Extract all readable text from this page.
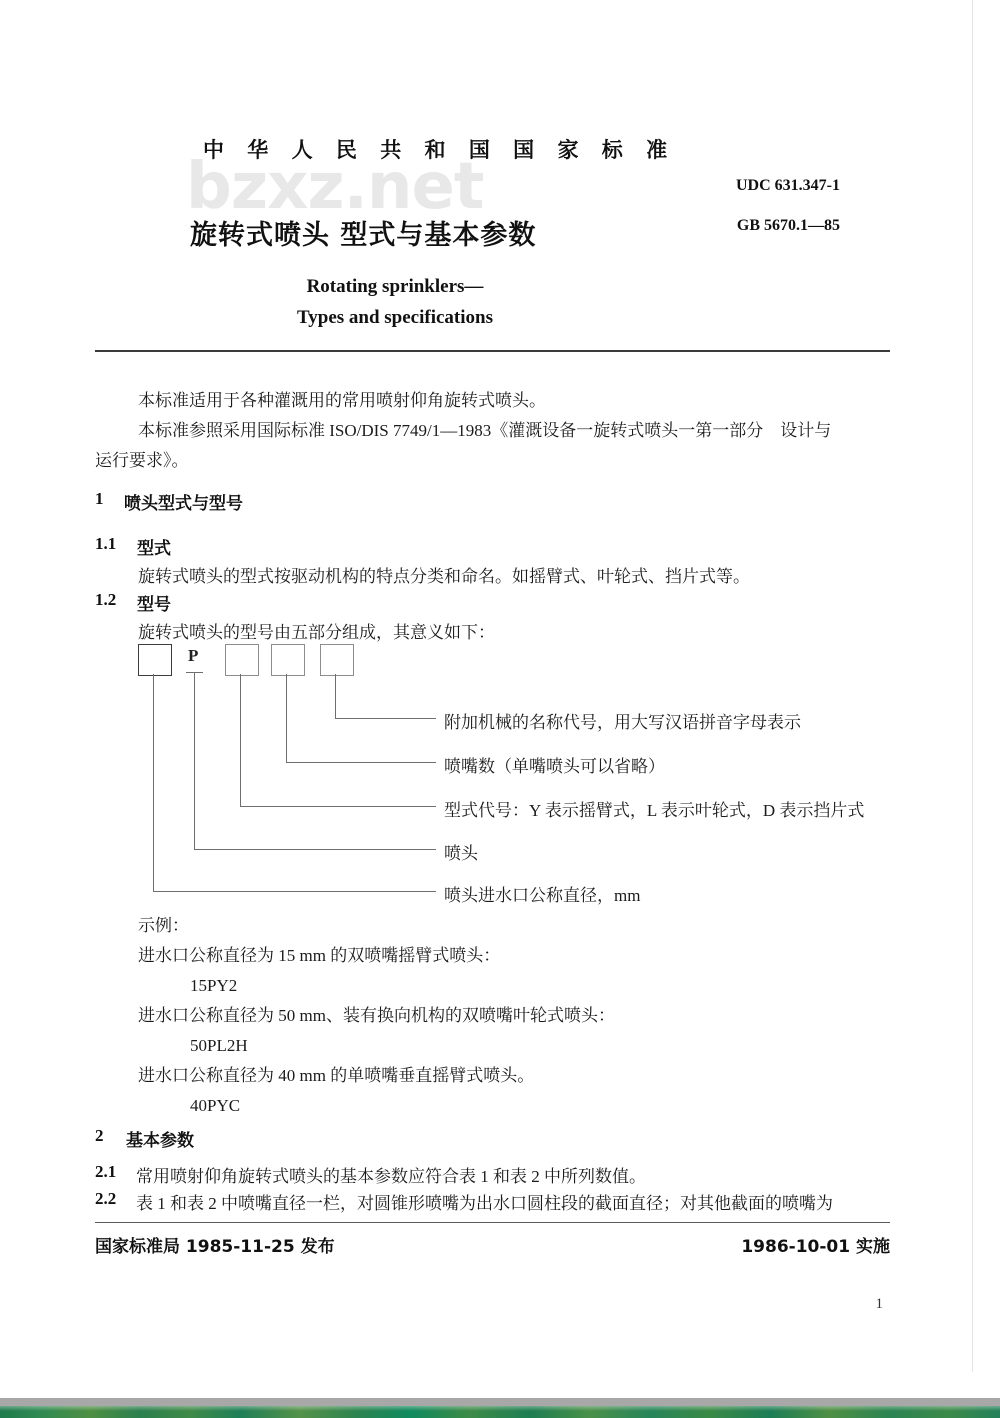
bzxz.net
中 华 人 民 共 和 国 国 家 标 准
UDC 631.347-1
GB 5670.1—85
旋转式喷头 型式与基本参数
Rotating sprinklers—
Types and specifications
本标准适用于各种灌溉用的常用喷射仰角旋转式喷头。
本标准参照采用国际标准 ISO/DIS 7749/1—1983《灌溉设备一旋转式喷头一第一部分　设计与
运行要求》。
1 喷头型式与型号
1.1 型式
旋转式喷头的型式按驱动机构的特点分类和命名。如摇臂式、叶轮式、挡片式等。
1.2 型号
旋转式喷头的型号由五部分组成，其意义如下：
P
附加机械的名称代号，用大写汉语拼音字母表示
喷嘴数（单嘴喷头可以省略）
型式代号：Y 表示摇臂式，L 表示叶轮式，D 表示挡片式
喷头
喷头进水口公称直径，mm
示例：
进水口公称直径为 15 mm 的双喷嘴摇臂式喷头：
15PY2
进水口公称直径为 50 mm、装有换向机构的双喷嘴叶轮式喷头：
50PL2H
进水口公称直径为 40 mm 的单喷嘴垂直摇臂式喷头。
40PYC
2 基本参数
2.1 常用喷射仰角旋转式喷头的基本参数应符合表 1 和表 2 中所列数值。
2.2 表 1 和表 2 中喷嘴直径一栏，对圆锥形喷嘴为出水口圆柱段的截面直径；对其他截面的喷嘴为
国家标准局 1985-11-25 发布	1986-10-01 实施
1
